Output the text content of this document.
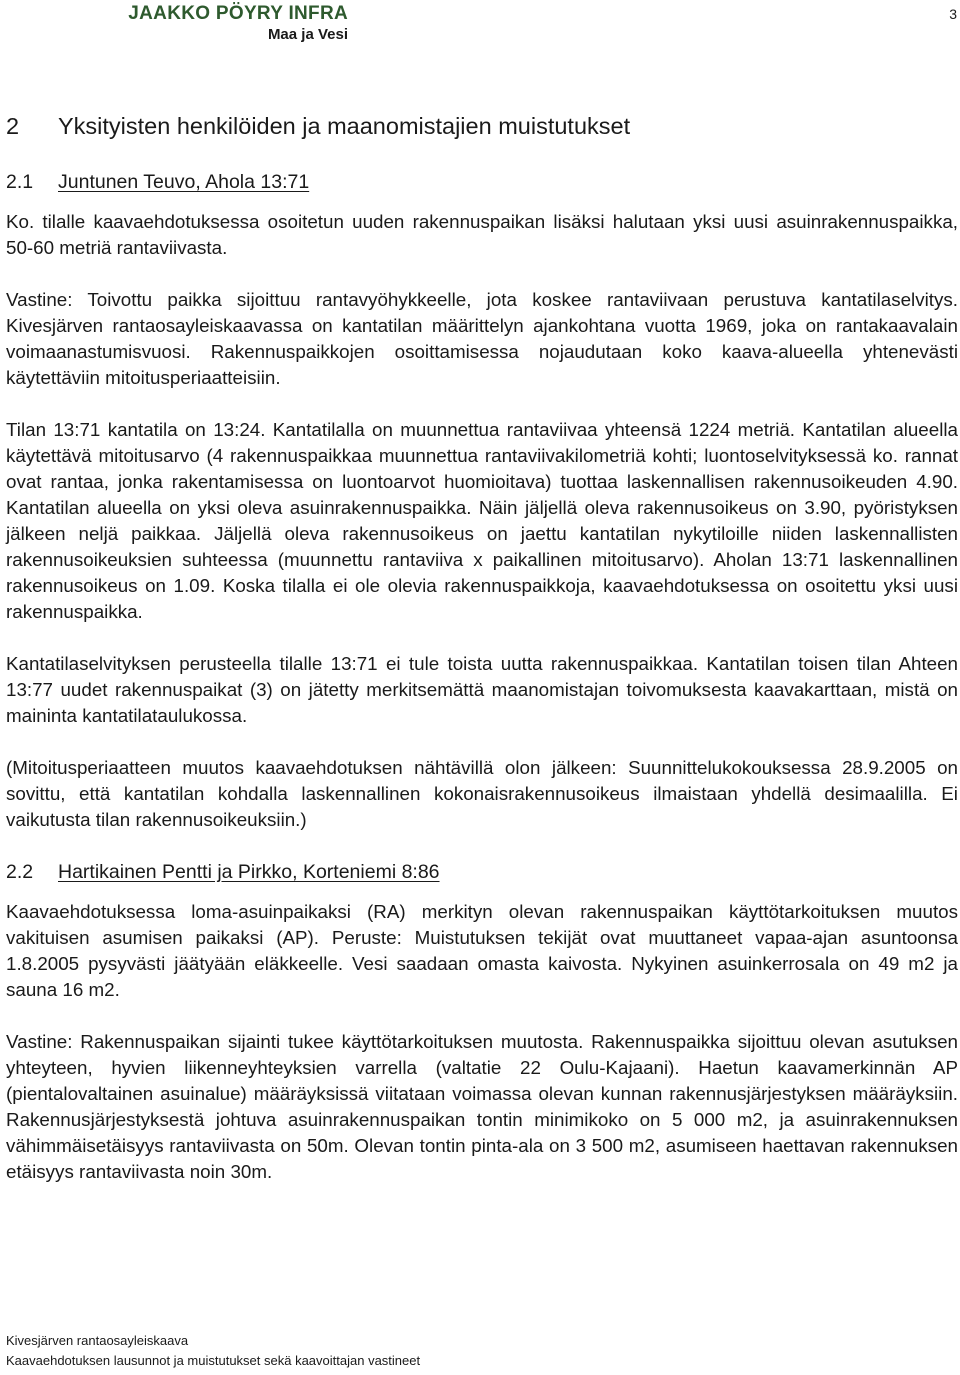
JAAKKO PÖYRY INFRA
Maa ja Vesi
3
2 Yksityisten henkilöiden ja maanomistajien muistutukset
2.1 Juntunen Teuvo, Ahola 13:71

Ko. tilalle kaavaehdotuksessa osoitetun uuden rakennuspaikan lisäksi halutaan yksi uusi asuinrakennuspaikka, 50-60 metriä rantaviivasta.

Vastine: Toivottu paikka sijoittuu rantavyöhykkeelle, jota koskee rantaviivaan perustuva kantatilaselvitys. Kivesjärven rantaosayleiskaavassa on kantatilan määrittelyn ajankohtana vuotta 1969, joka on rantakaavalain voimaanastumisvuosi. Rakennuspaikkojen osoittamisessa nojaudutaan koko kaava-alueella yhtenevästi käytettäviin mitoitusperiaatteisiin.

Tilan 13:71 kantatila on 13:24. Kantatilalla on muunnettua rantaviivaa yhteensä 1224 metriä. Kantatilan alueella käytettävä mitoitusarvo (4 rakennuspaikkaa muunnettua rantaviivakilometriä kohti; luontoselvityksessä ko. rannat ovat rantaa, jonka rakentamisessa on luontoarvot huomioitava) tuottaa laskennallisen rakennusoikeuden 4.90. Kantatilan alueella on yksi oleva asuinrakennuspaikka. Näin jäljellä oleva rakennusoikeus on 3.90, pyöristyksen jälkeen neljä paikkaa. Jäljellä oleva rakennusoikeus on jaettu kantatilan nykytiloille niiden laskennallisten rakennusoikeuksien suhteessa (muunnettu rantaviiva x paikallinen mitoitusarvo). Aholan 13:71 laskennallinen rakennusoikeus on 1.09. Koska tilalla ei ole olevia rakennuspaikkoja, kaavaehdotuksessa on osoitettu yksi uusi rakennuspaikka.

Kantatilaselvityksen perusteella tilalle 13:71 ei tule toista uutta rakennuspaikkaa. Kantatilan toisen tilan Ahteen 13:77 uudet rakennuspaikat (3) on jätetty merkitsemättä maanomistajan toivomuksesta kaavakarttaan, mistä on maininta kantatilataulukossa.

(Mitoitusperiaatteen muutos kaavaehdotuksen nähtävillä olon jälkeen: Suunnittelukokouksessa 28.9.2005 on sovittu, että kantatilan kohdalla laskennallinen kokonaisrakennusoikeus ilmaistaan yhdellä desimaalilla. Ei vaikutusta tilan rakennusoikeuksiin.)

2.2 Hartikainen Pentti ja Pirkko, Korteniemi 8:86

Kaavaehdotuksessa loma-asuinpaikaksi (RA) merkityn olevan rakennuspaikan käyttötarkoituksen muutos vakituisen asumisen paikaksi (AP). Peruste: Muistutuksen tekijät ovat muuttaneet vapaa-ajan asuntoonsa 1.8.2005 pysyvästi jäätyään eläkkeelle. Vesi saadaan omasta kaivosta. Nykyinen asuinkerrosala on 49 m2 ja sauna 16 m2.

Vastine: Rakennuspaikan sijainti tukee käyttötarkoituksen muutosta. Rakennuspaikka sijoittuu olevan asutuksen yhteyteen, hyvien liikenneyhteyksien varrella (valtatie 22 Oulu-Kajaani). Haetun kaavamerkinnän AP (pientalovaltainen asuinalue) määräyksissä viitataan voimassa olevan kunnan rakennusjärjestyksen määräyksiin. Rakennusjärjestyksestä johtuva asuinrakennuspaikan tontin minimikoko on 5 000 m2, ja asuinrakennuksen vähimmäisetäisyys rantaviivasta on 50m. Olevan tontin pinta-ala on 3 500 m2, asumiseen haettavan rakennuksen etäisyys rantaviivasta noin 30m.

Kivesjärven rantaosayleiskaava
Kaavaehdotuksen lausunnot ja muistutukset sekä kaavoittajan vastineet
